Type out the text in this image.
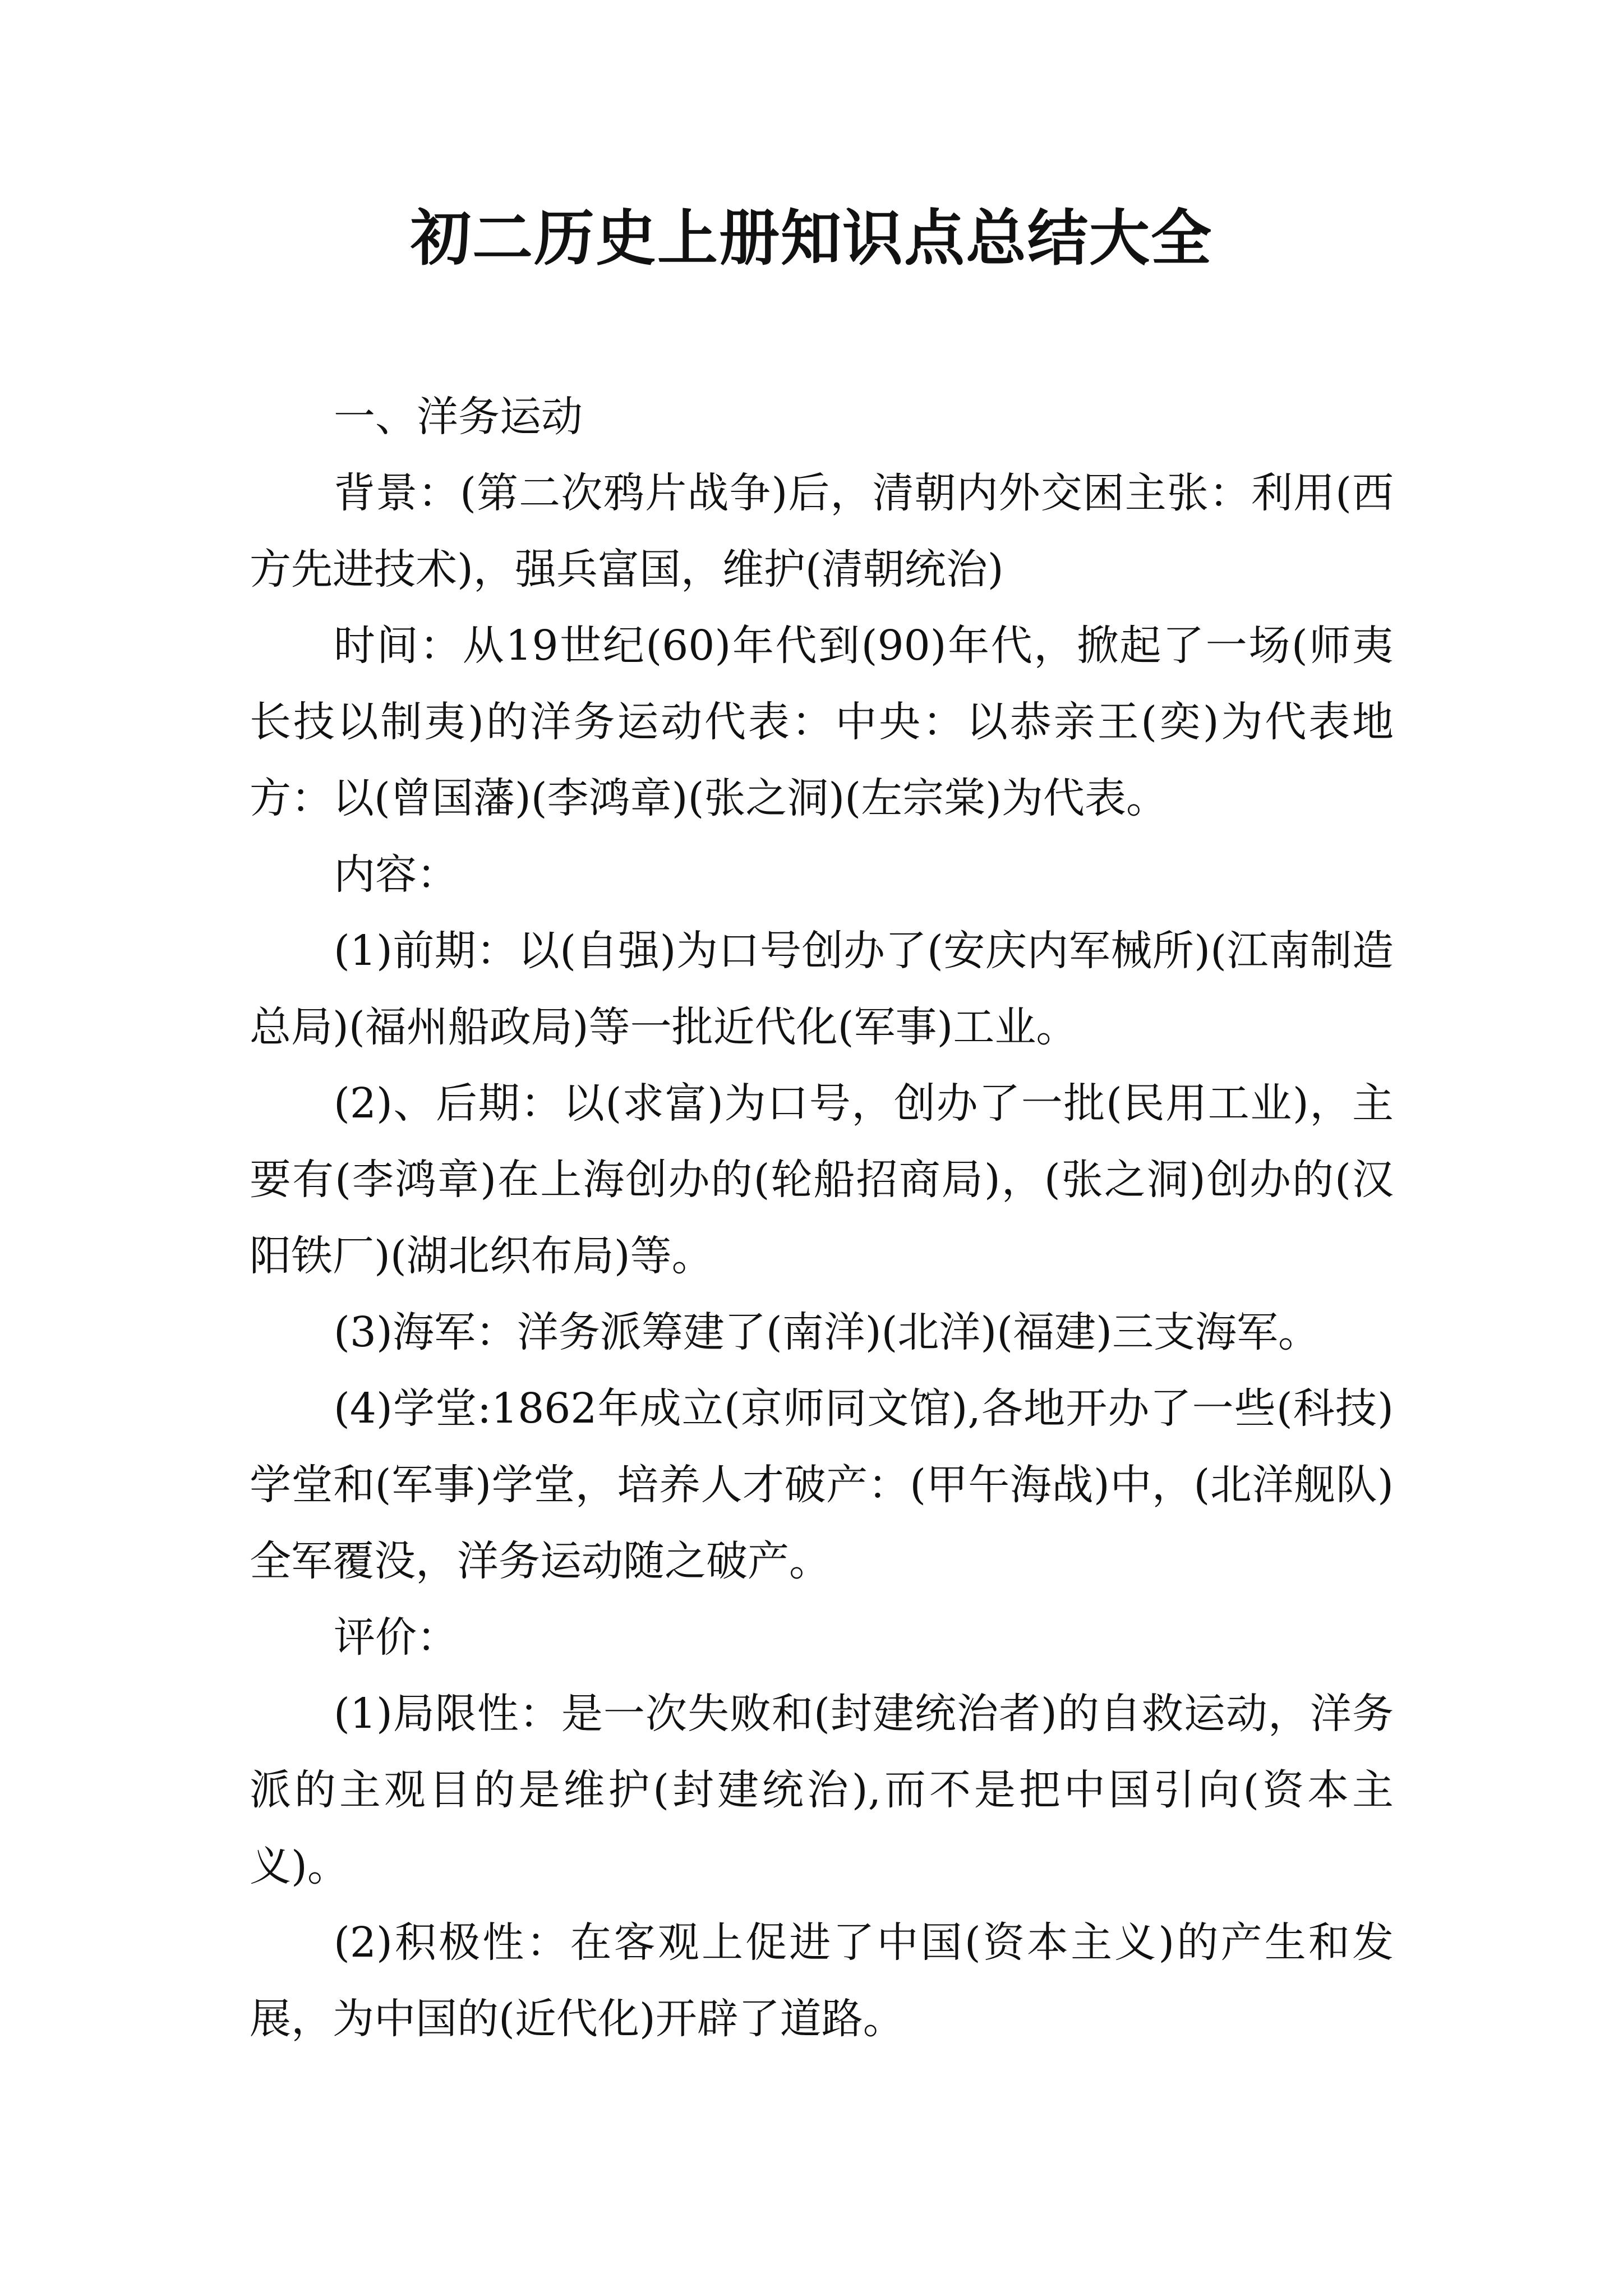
初二历史上册知识点总结大全

一、洋务运动

背景：(第二次鸦片战争)后，清朝内外交困主张：利用(西方先进技术)，强兵富国，维护(清朝统治)

时间：从19世纪(60)年代到(90)年代，掀起了一场(师夷长技以制夷)的洋务运动代表：中央：以恭亲王(奕)为代表地方：以(曾国藩)(李鸿章)(张之洞)(左宗棠)为代表。

内容：

(1)前期：以(自强)为口号创办了(安庆内军械所)(江南制造总局)(福州船政局)等一批近代化(军事)工业。

(2)、后期：以(求富)为口号，创办了一批(民用工业)，主要有(李鸿章)在上海创办的(轮船招商局)，(张之洞)创办的(汉阳铁厂)(湖北织布局)等。

(3)海军：洋务派筹建了(南洋)(北洋)(福建)三支海军。

(4)学堂:1862年成立(京师同文馆),各地开办了一些(科技)学堂和(军事)学堂，培养人才破产：(甲午海战)中，(北洋舰队)全军覆没，洋务运动随之破产。

评价：

(1)局限性：是一次失败和(封建统治者)的自救运动，洋务派的主观目的是维护(封建统治),而不是把中国引向(资本主义)。

(2)积极性：在客观上促进了中国(资本主义)的产生和发展，为中国的(近代化)开辟了道路。
